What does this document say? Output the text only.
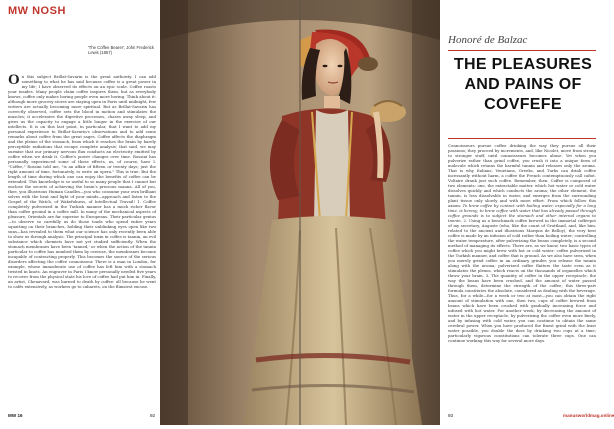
MW NOSH
'The Coffee Bearer', John Frederick Lewis (1857)
On this subject Brillat-Savarin is the great authority. I can add something to what he has said because coffee is a great power in my life; I have observed its effects on an epic scale. Coffee roasts your insides. Many people claim coffee inspires them, but as everybody knows, coffee only makes boring people even more boring. Think about it: although more grocery stores are staying open in Paris until midnight, few writers are actually becoming more spiritual. But as Brillat-Savarin has correctly observed, coffee sets the blood in motion and stimulates the muscles; it accelerates the digestive processes, chases away sleep, and gives us the capacity to engage a little longer in the exercise of our intellects. It is on this last point, in particular, that I want to add my personal experience to Brillat-Savarin's observations and to add some remarks about coffee from the great sages. Coffee affects the diaphragm and the plexus of the stomach, from which it reaches the brain by barely perceptible radiations that escape complete analysis; that said, we may surmise that our primary nervous flux conducts an electricity emitted by coffee when we drink it. Coffee's power changes over time. Rossini has personally experienced some of these effects, as, of course, have I. "Coffee," Rossini told me, "is an affair of fifteen or twenty days; just the right amount of time, fortunately, to write an opera." This is true. But the length of time during which one can enjoy the benefits of coffee can be extended. This knowledge is so useful to so many people that I cannot but enclose the secrets of achieving the brain's precious manna. All of you, thee, you illustrious Human Candles—you who consume your own brilliant selves with the heat and light of your minds—approach and listen to the Gospel of the Watch, of Wakefulness, of Intellectual Travail! 1. Coffee completely pulverized in the Turkish manner has a much richer flavor than coffee ground in a coffee mill. In many of the mechanical aspects of pleasure, Orientals are far superior to Europeans. Their particular genius—to observe so carefully as do those toads who spend entire years squatting on their branches, holding their unblinking eyes open like two suns—has revealed to them what our science has only recently been able to show us through analysis. The principal toxin in coffee is tannin, an evil substance which chemists have not yet studied sufficiently. When the stomach membranes have been 'tanned,' or when the action of the tannin particular to coffee has numbed them by overuse, the membranes become incapable of contracting properly. This becomes the source of the serious disorders affecting the coffee connoisseur. There is a man in London, for example, whose immoderate use of coffee has left him with a stomach twisted in knots. An engraver in Paris I know personally needed five years to recover from the physical state his love of coffee had put him in. Finally, an artist, Chenavard, was burned to death by coffee: all because he went to cafés extensively, as workers go to cabarets, on the flimsiest excuse.
MW 16	92
Honoré de Balzac
THE PLEASURES AND PAINS OF COVFEFE
Connoisseurs pursue coffee drinking the way they pursue all their passions; they proceed by increments, and, like Nicolet, move from strong to stronger stuff, until connoisseurs becomes abuse. Yet when you pulverize rather than grind coffee, you crush it into a unique form of molecule which retains the harmful tannin and releases only the aroma. That is why Italians, Venetians, Greeks, and Turks can drink coffee incessantly without harm, a coffee the French contemptuously call cafiot. Voltaire drank just such coffee. Remember, then. Coffee is composed of two elements: one, the extractable matter, which hot water or cold water dissolves quickly and which conducts the aroma; the other element, the tannin, is less dissolvable in water, and emerges from the surrounding plant tissue only slowly and with more effort. From which follow this axiom: To brew coffee by contact with boiling water, especially for a long time, is heresy; to brew coffee with water that has already passed through coffee grounds is to subject the stomach and other internal organs to tannin. 2. Using as a benchmark coffee brewed in the immortal coffeepot of my secretary, Auguste (who, like the count of Gruttland, and, like him, related to the ancient and illustrious Marquis de Belloy), the very best coffee is made by an infusion of cold rather than boiling water; controlling the water temperature, after pulverizing the beans completely, is a second method of managing its effects. There are, as we know, two basic types of coffee which you might brew with hot or cold water: coffee pulverized in the Turkish manner, and coffee that is ground. As we also have seen, when you merely grind coffee in an ordinary grinder, you release the tannin along with the aroma; pulverized coffee flatters the taste even as it stimulates the plexus, which reacts on the thousands of organelles which throw your brain. 3. The quantity of coffee in the upper receptacle, the way the beans have been crushed, and the amount of water passed through them, determine the strength of the coffee; this three-part formula constitutes the absolute, considered as dealing with the beverage. Thus, for a while—for a week or two at most—you can obtain the right amount of stimulation with one, then two, cups of coffee brewed from beans which have been crushed with gradually increasing force and infused with hot water. For another week, by decreasing the amount of water in the upper receptacle, by pulverizing the coffee even more finely, and by infusing with cold water, you can continue to obtain the same cerebral power. When you have produced the finest grind with the least water possible, you double the dose by drinking two cups at a time; particularly vigorous constitutions can tolerate three cups. One can continue working this way for several more days.
93	manusworldmag.online
